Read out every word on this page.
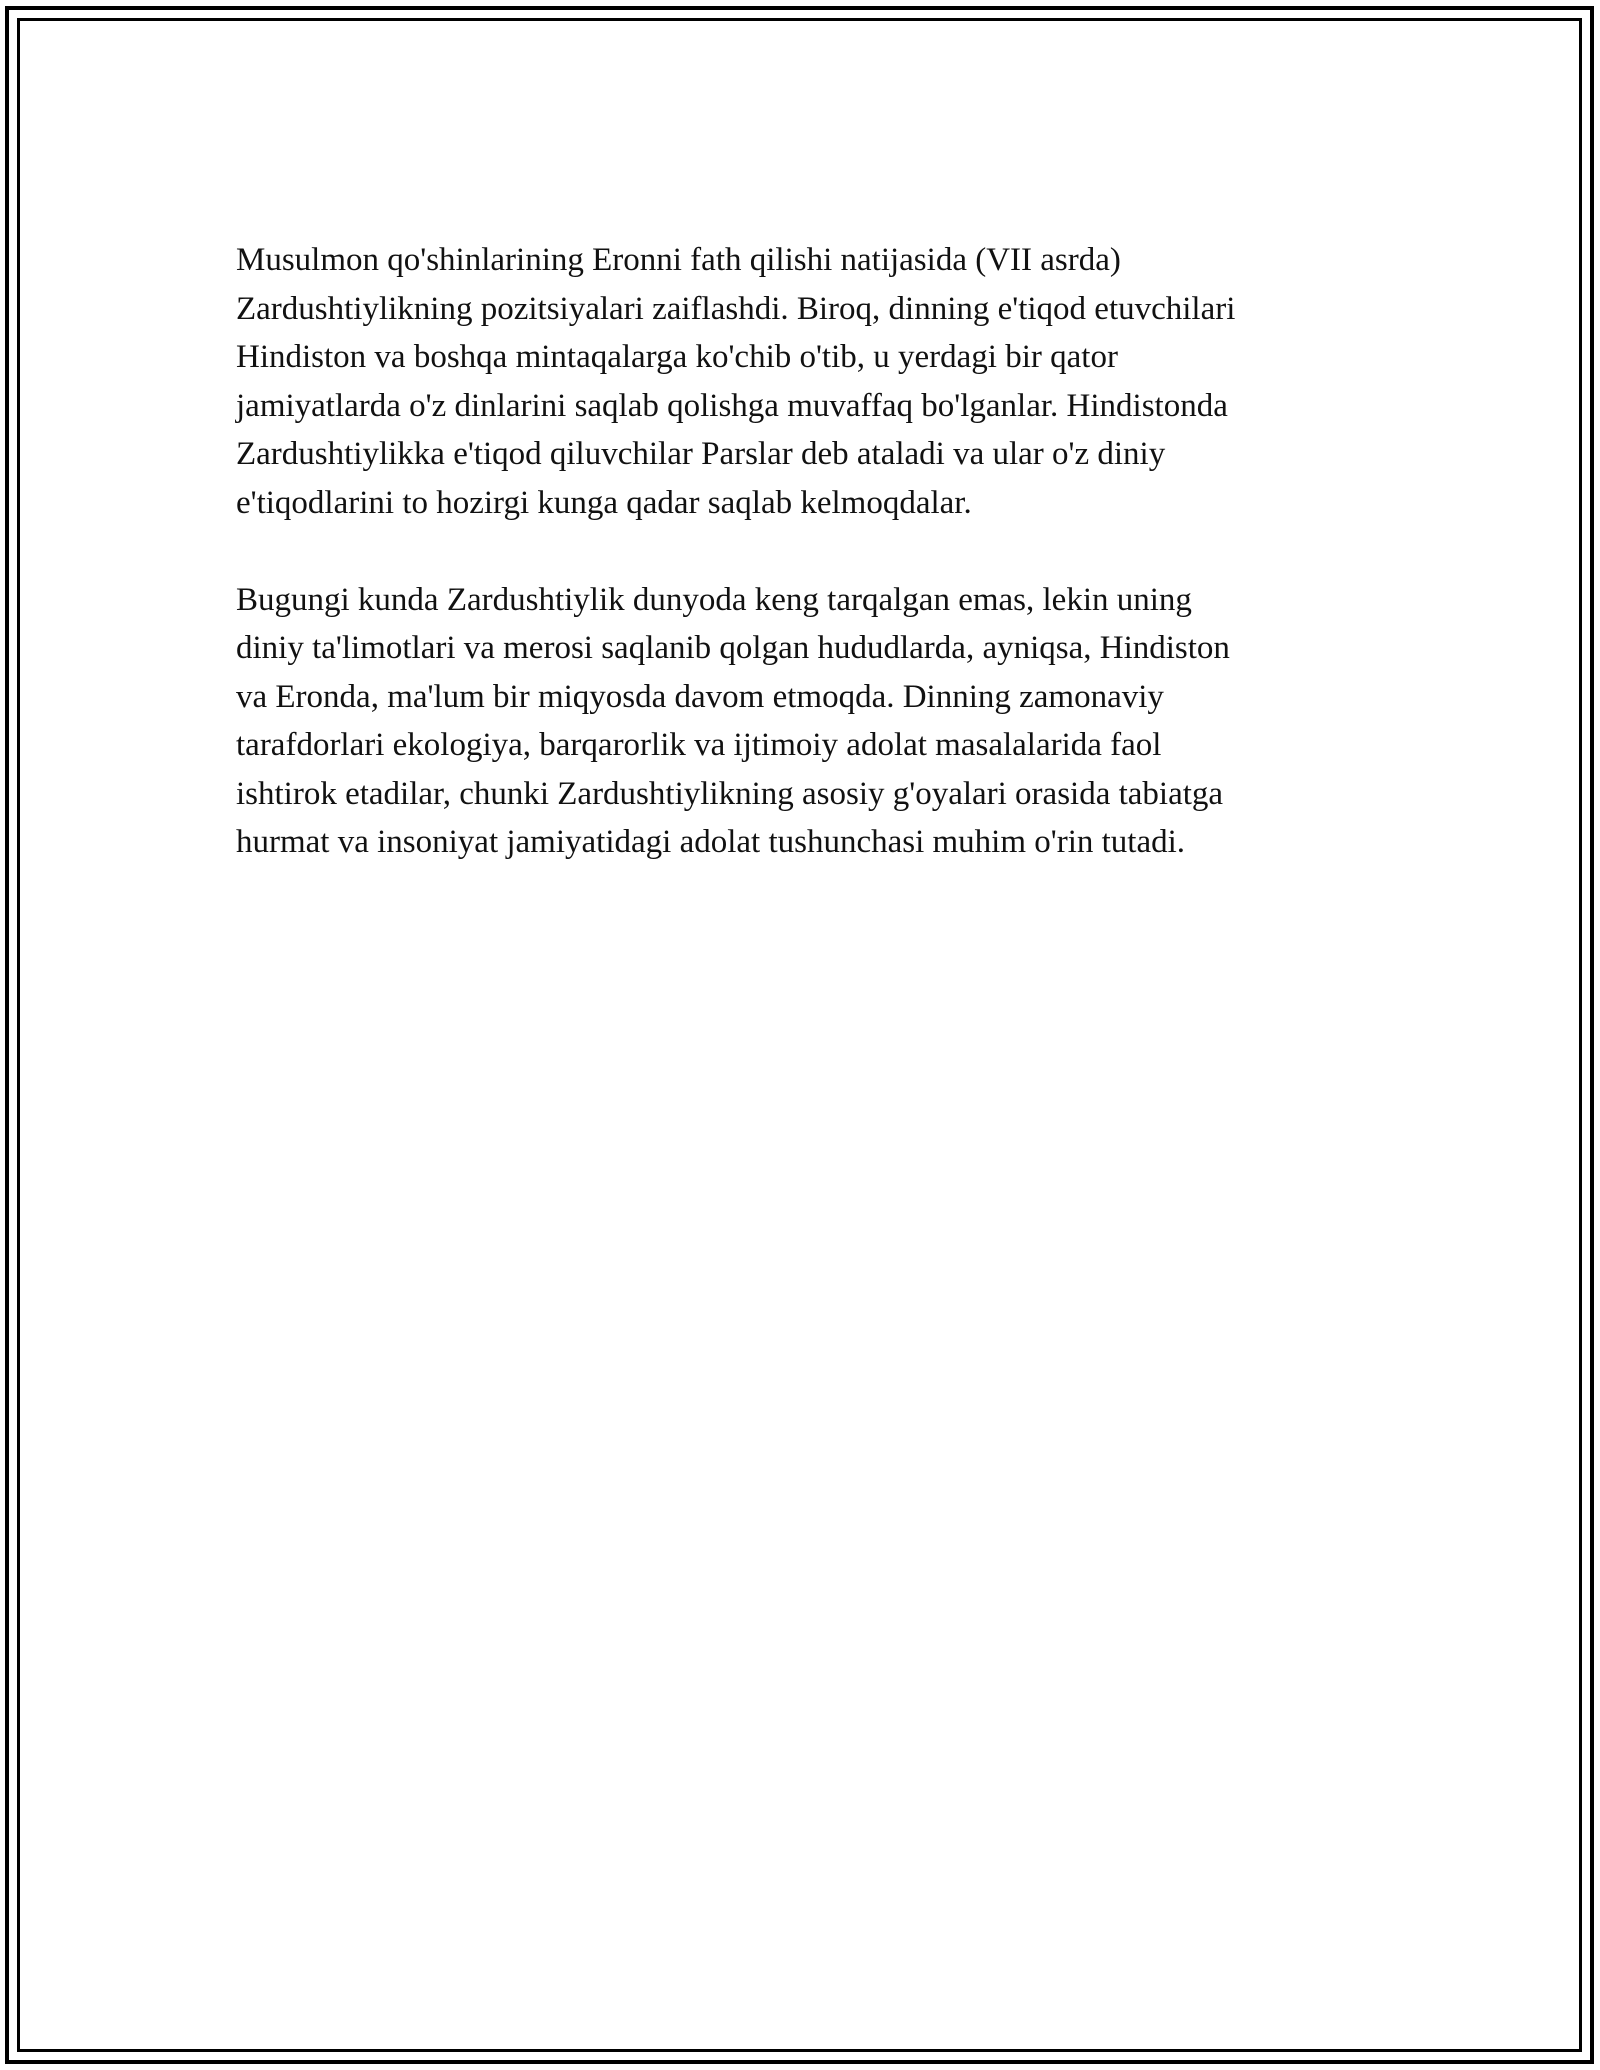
Musulmon qo'shinlarining Eronni fath qilishi natijasida (VII asrda)
Zardushtiylikning pozitsiyalari zaiflashdi. Biroq, dinning e'tiqod etuvchilari
Hindiston va boshqa mintaqalarga ko'chib o'tib, u yerdagi bir qator
jamiyatlarda o'z dinlarini saqlab qolishga muvaffaq bo'lganlar. Hindistonda
Zardushtiylikka e'tiqod qiluvchilar Parslar deb ataladi va ular o'z diniy
e'tiqodlarini to hozirgi kunga qadar saqlab kelmoqdalar.

Bugungi kunda Zardushtiylik dunyoda keng tarqalgan emas, lekin uning
diniy ta'limotlari va merosi saqlanib qolgan hududlarda, ayniqsa, Hindiston
va Eronda, ma'lum bir miqyosda davom etmoqda. Dinning zamonaviy
tarafdorlari ekologiya, barqarorlik va ijtimoiy adolat masalalarida faol
ishtirok etadilar, chunki Zardushtiylikning asosiy g'oyalari orasida tabiatga
hurmat va insoniyat jamiyatidagi adolat tushunchasi muhim o'rin tutadi.
